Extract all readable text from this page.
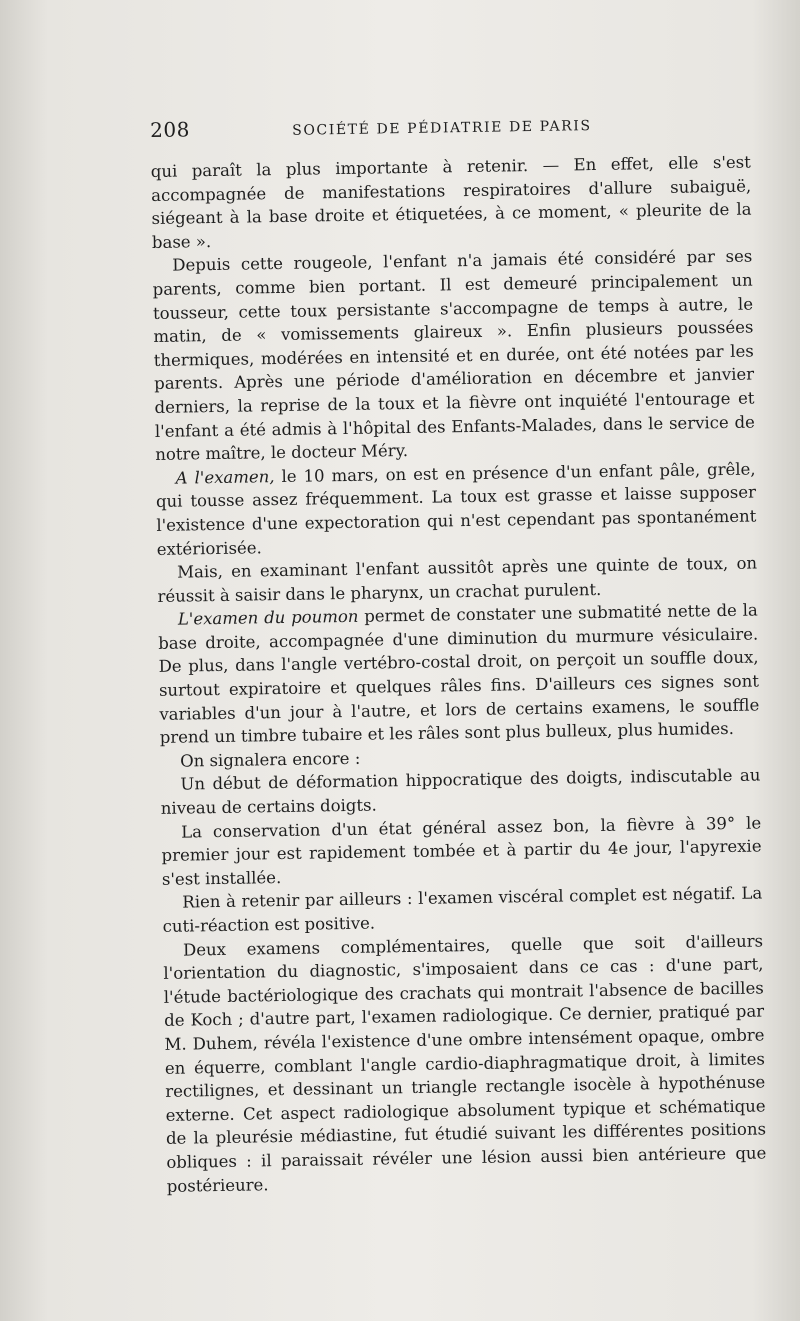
208	SOCIÉTÉ DE PÉDIATRIE DE PARIS

qui paraît la plus importante à retenir. — En effet, elle s'est accompagnée de manifestations respiratoires d'allure subaiguë, siégeant à la base droite et étiquetées, à ce moment, « pleurite de la base ».

Depuis cette rougeole, l'enfant n'a jamais été considéré par ses parents, comme bien portant. Il est demeuré principalement un tousseur, cette toux persistante s'accompagne de temps à autre, le matin, de « vomissements glaireux ». Enfin plusieurs poussées thermiques, modérées en intensité et en durée, ont été notées par les parents. Après une période d'amélioration en décembre et janvier derniers, la reprise de la toux et la fièvre ont inquiété l'entourage et l'enfant a été admis à l'hôpital des Enfants-Malades, dans le service de notre maître, le docteur Méry.

A l'examen, le 10 mars, on est en présence d'un enfant pâle, grêle, qui tousse assez fréquemment. La toux est grasse et laisse supposer l'existence d'une expectoration qui n'est cependant pas spontanément extériorisée.

Mais, en examinant l'enfant aussitôt après une quinte de toux, on réussit à saisir dans le pharynx, un crachat purulent.

L'examen du poumon permet de constater une submatité nette de la base droite, accompagnée d'une diminution du murmure vésiculaire. De plus, dans l'angle vertébro-costal droit, on perçoit un souffle doux, surtout expiratoire et quelques râles fins. D'ailleurs ces signes sont variables d'un jour à l'autre, et lors de certains examens, le souffle prend un timbre tubaire et les râles sont plus bulleux, plus humides.

On signalera encore :

Un début de déformation hippocratique des doigts, indiscutable au niveau de certains doigts.

La conservation d'un état général assez bon, la fièvre à 39° le premier jour est rapidement tombée et à partir du 4e jour, l'apyrexie s'est installée.

Rien à retenir par ailleurs : l'examen viscéral complet est négatif. La cuti-réaction est positive.

Deux examens complémentaires, quelle que soit d'ailleurs l'orientation du diagnostic, s'imposaient dans ce cas : d'une part, l'étude bactériologique des crachats qui montrait l'absence de bacilles de Koch ; d'autre part, l'examen radiologique. Ce dernier, pratiqué par M. Duhem, révéla l'existence d'une ombre intensément opaque, ombre en équerre, comblant l'angle cardio-diaphragmatique droit, à limites rectilignes, et dessinant un triangle rectangle isocèle à hypothénuse externe. Cet aspect radiologique absolument typique et schématique de la pleurésie médiastine, fut étudié suivant les différentes positions obliques : il paraissait révéler une lésion aussi bien antérieure que postérieure.
